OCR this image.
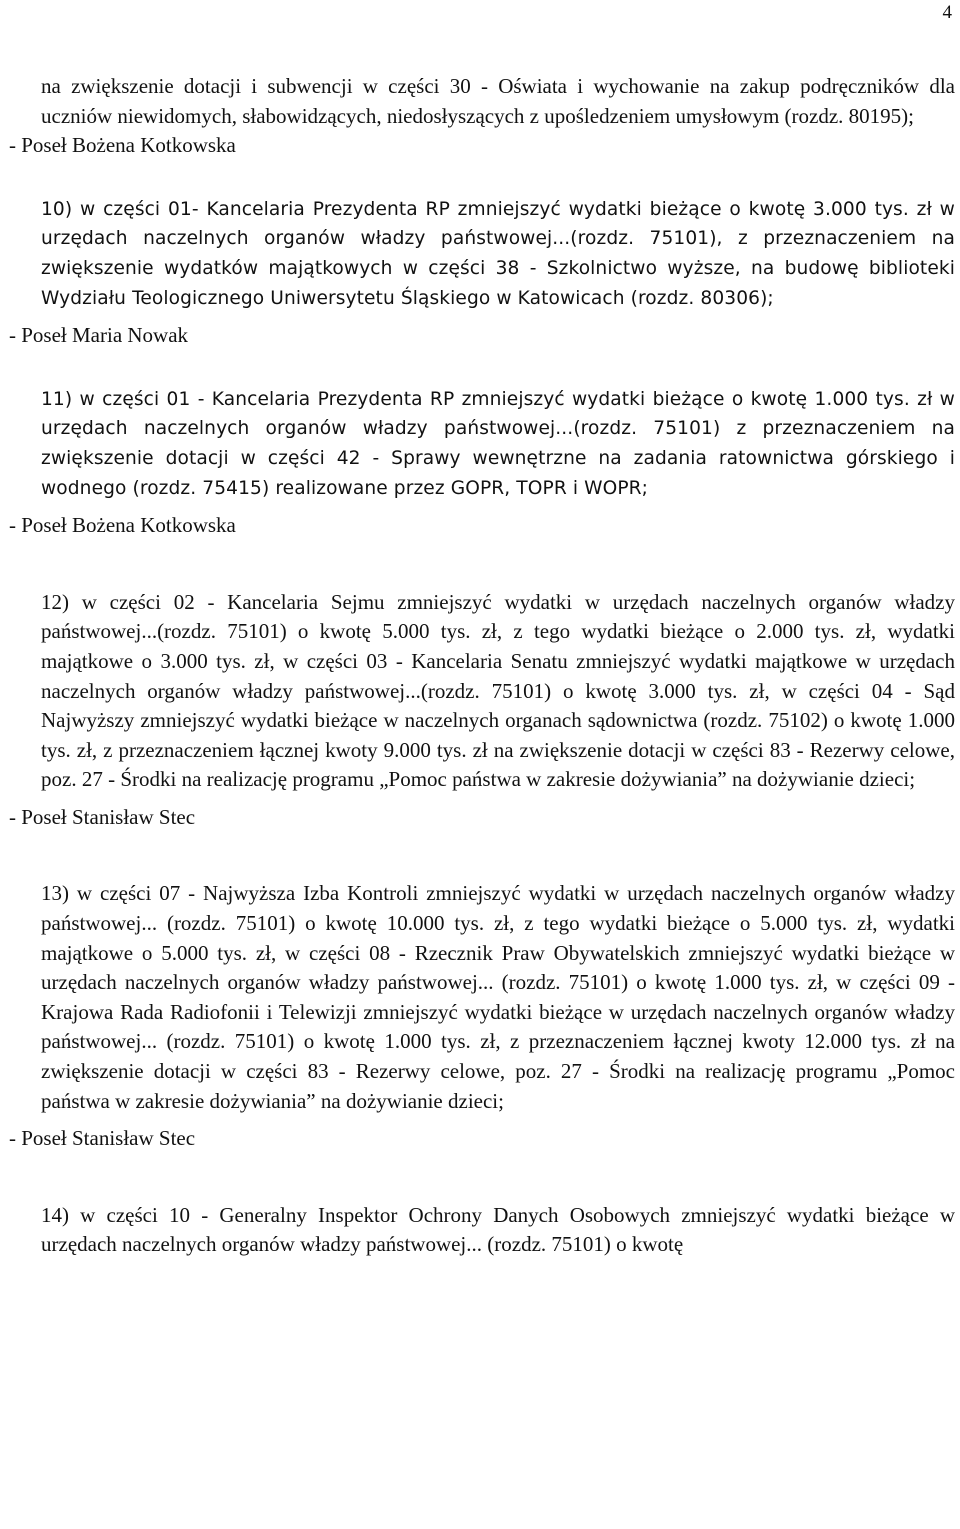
4

na zwiększenie dotacji i subwencji w części 30 - Oświata i wychowanie na zakup podręczników dla uczniów niewidomych, słabowidzących, niedosłyszących z upośledzeniem umysłowym (rozdz. 80195);

- Poseł Bożena Kotkowska

10) w części 01- Kancelaria Prezydenta RP zmniejszyć wydatki bieżące o kwotę 3.000 tys. zł w urzędach naczelnych organów władzy państwowej...(rozdz. 75101), z przeznaczeniem na zwiększenie wydatków majątkowych w części 38 - Szkolnictwo wyższe, na budowę biblioteki Wydziału Teologicznego Uniwersytetu Śląskiego w Katowicach (rozdz. 80306);

- Poseł Maria Nowak

11) w części 01 - Kancelaria Prezydenta RP zmniejszyć wydatki bieżące o kwotę 1.000 tys. zł w urzędach naczelnych organów władzy państwowej...(rozdz. 75101) z przeznaczeniem na zwiększenie dotacji w części 42 - Sprawy wewnętrzne na zadania ratownictwa górskiego i wodnego (rozdz. 75415) realizowane przez GOPR, TOPR i WOPR;

- Poseł Bożena Kotkowska

12) w części 02 - Kancelaria Sejmu zmniejszyć wydatki w urzędach naczelnych organów władzy państwowej...(rozdz. 75101) o kwotę 5.000 tys. zł, z tego wydatki bieżące o 2.000 tys. zł, wydatki majątkowe o 3.000 tys. zł, w części 03 - Kancelaria Senatu zmniejszyć wydatki majątkowe w urzędach naczelnych organów władzy państwowej...(rozdz. 75101) o kwotę 3.000 tys. zł, w części 04 - Sąd Najwyższy zmniejszyć wydatki bieżące w naczelnych organach sądownictwa (rozdz. 75102) o kwotę 1.000 tys. zł, z przeznaczeniem łącznej kwoty 9.000 tys. zł na zwiększenie dotacji w części 83 - Rezerwy celowe, poz. 27 - Środki na realizację programu „Pomoc państwa w zakresie dożywiania” na dożywianie dzieci;

- Poseł Stanisław Stec

13) w części 07 - Najwyższa Izba Kontroli zmniejszyć wydatki w urzędach naczelnych organów władzy państwowej... (rozdz. 75101) o kwotę 10.000 tys. zł, z tego wydatki bieżące o 5.000 tys. zł, wydatki majątkowe o 5.000 tys. zł, w części 08 - Rzecznik Praw Obywatelskich zmniejszyć wydatki bieżące w urzędach naczelnych organów władzy państwowej... (rozdz. 75101) o kwotę 1.000 tys. zł, w części 09 - Krajowa Rada Radiofonii i Telewizji zmniejszyć wydatki bieżące w urzędach naczelnych organów władzy państwowej... (rozdz. 75101) o kwotę 1.000 tys. zł, z przeznaczeniem łącznej kwoty 12.000 tys. zł na zwiększenie dotacji w części 83 - Rezerwy celowe, poz. 27 - Środki na realizację programu „Pomoc państwa w zakresie dożywiania” na dożywianie dzieci;

- Poseł Stanisław Stec

14) w części 10 - Generalny Inspektor Ochrony Danych Osobowych zmniejszyć wydatki bieżące w urzędach naczelnych organów władzy państwowej... (rozdz. 75101) o kwotę
